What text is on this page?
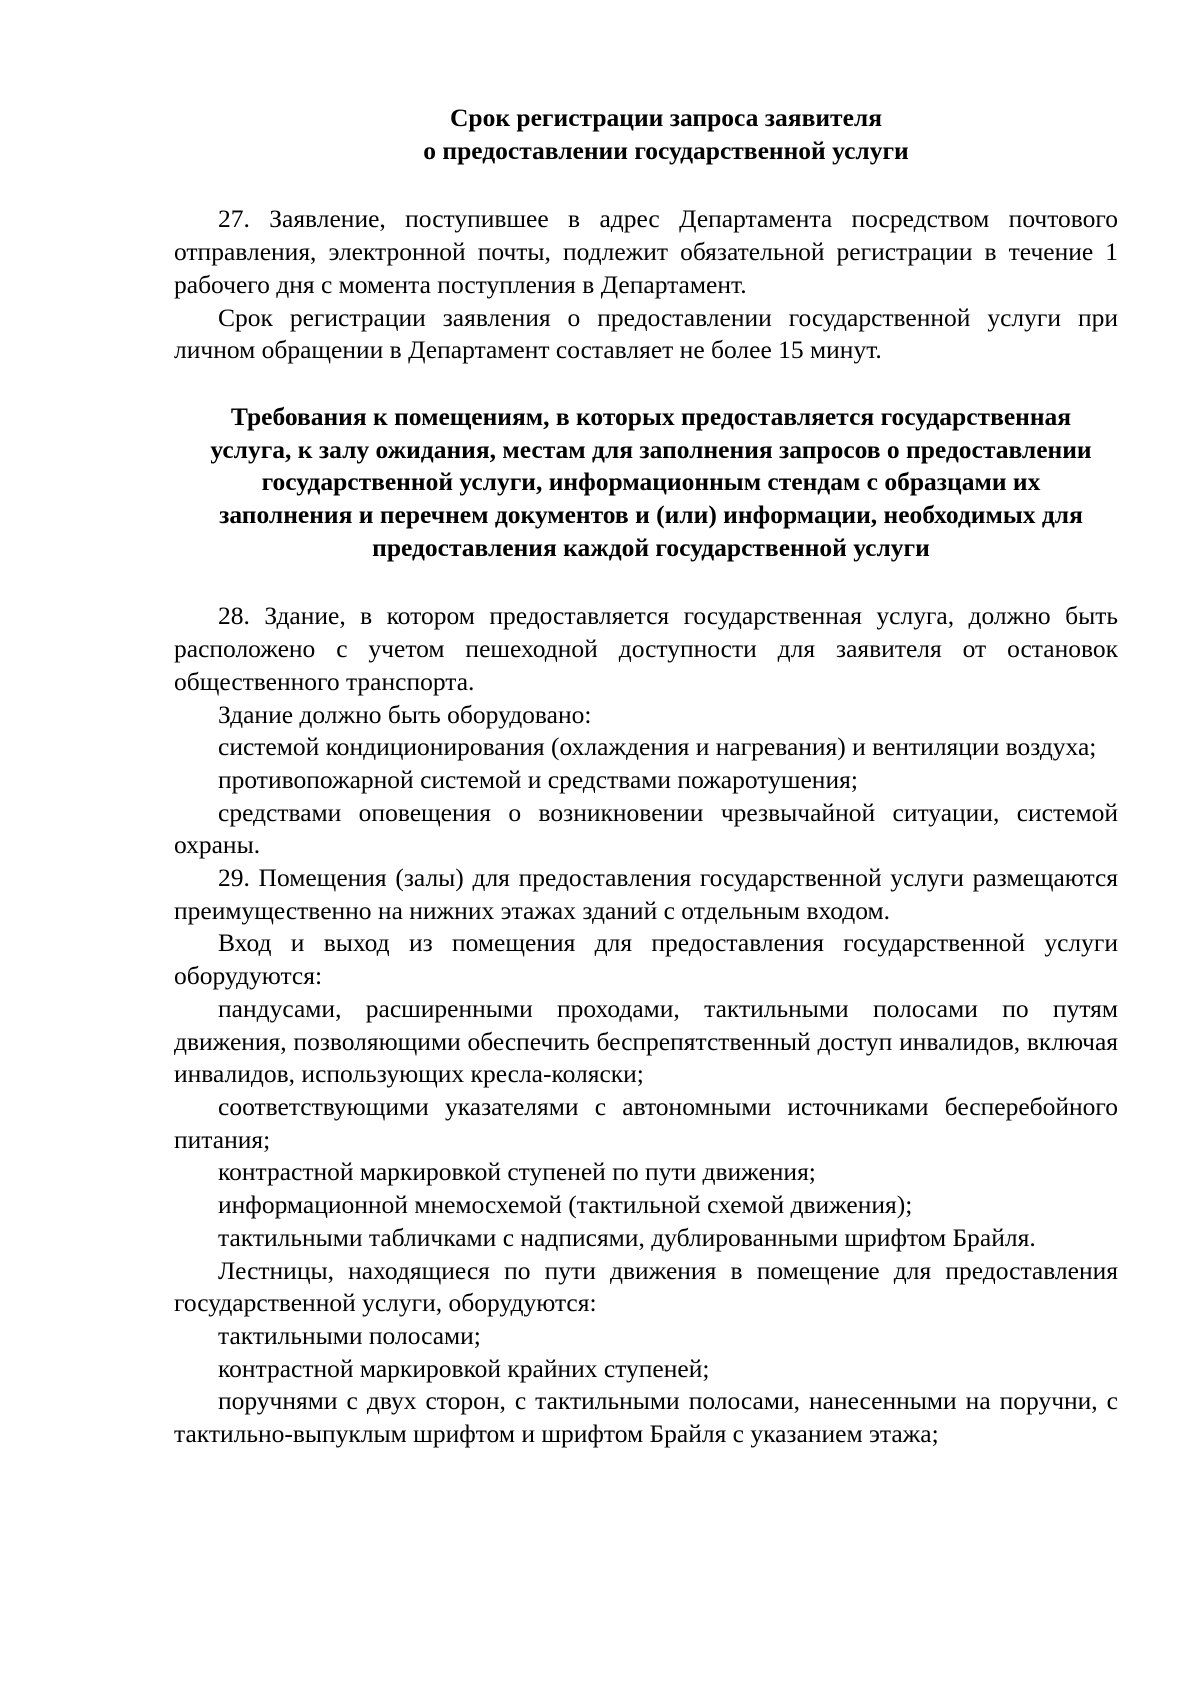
Срок регистрации запроса заявителя
о предоставлении государственной услуги

27. Заявление, поступившее в адрес Департамента посредством почтового отправления, электронной почты, подлежит обязательной регистрации в течение 1 рабочего дня с момента поступления в Департамент.

Срок регистрации заявления о предоставлении государственной услуги при личном обращении в Департамент составляет не более 15 минут.

Требования к помещениям, в которых предоставляется государственная
услуга, к залу ожидания, местам для заполнения запросов о предоставлении
государственной услуги, информационным стендам с образцами их
заполнения и перечнем документов и (или) информации, необходимых для
предоставления каждой государственной услуги

28. Здание, в котором предоставляется государственная услуга, должно быть расположено с учетом пешеходной доступности для заявителя от остановок общественного транспорта.

Здание должно быть оборудовано:

системой кондиционирования (охлаждения и нагревания) и вентиляции воздуха;

противопожарной системой и средствами пожаротушения;

средствами оповещения о возникновении чрезвычайной ситуации, системой охраны.

29. Помещения (залы) для предоставления государственной услуги размещаются преимущественно на нижних этажах зданий с отдельным входом.

Вход и выход из помещения для предоставления государственной услуги оборудуются:

пандусами, расширенными проходами, тактильными полосами по путям движения, позволяющими обеспечить беспрепятственный доступ инвалидов, включая инвалидов, использующих кресла-коляски;

соответствующими указателями с автономными источниками бесперебойного питания;

контрастной маркировкой ступеней по пути движения;

информационной мнемосхемой (тактильной схемой движения);

тактильными табличками с надписями, дублированными шрифтом Брайля.

Лестницы, находящиеся по пути движения в помещение для предоставления государственной услуги, оборудуются:

тактильными полосами;

контрастной маркировкой крайних ступеней;

поручнями с двух сторон, с тактильными полосами, нанесенными на поручни, с тактильно-выпуклым шрифтом и шрифтом Брайля с указанием этажа;
